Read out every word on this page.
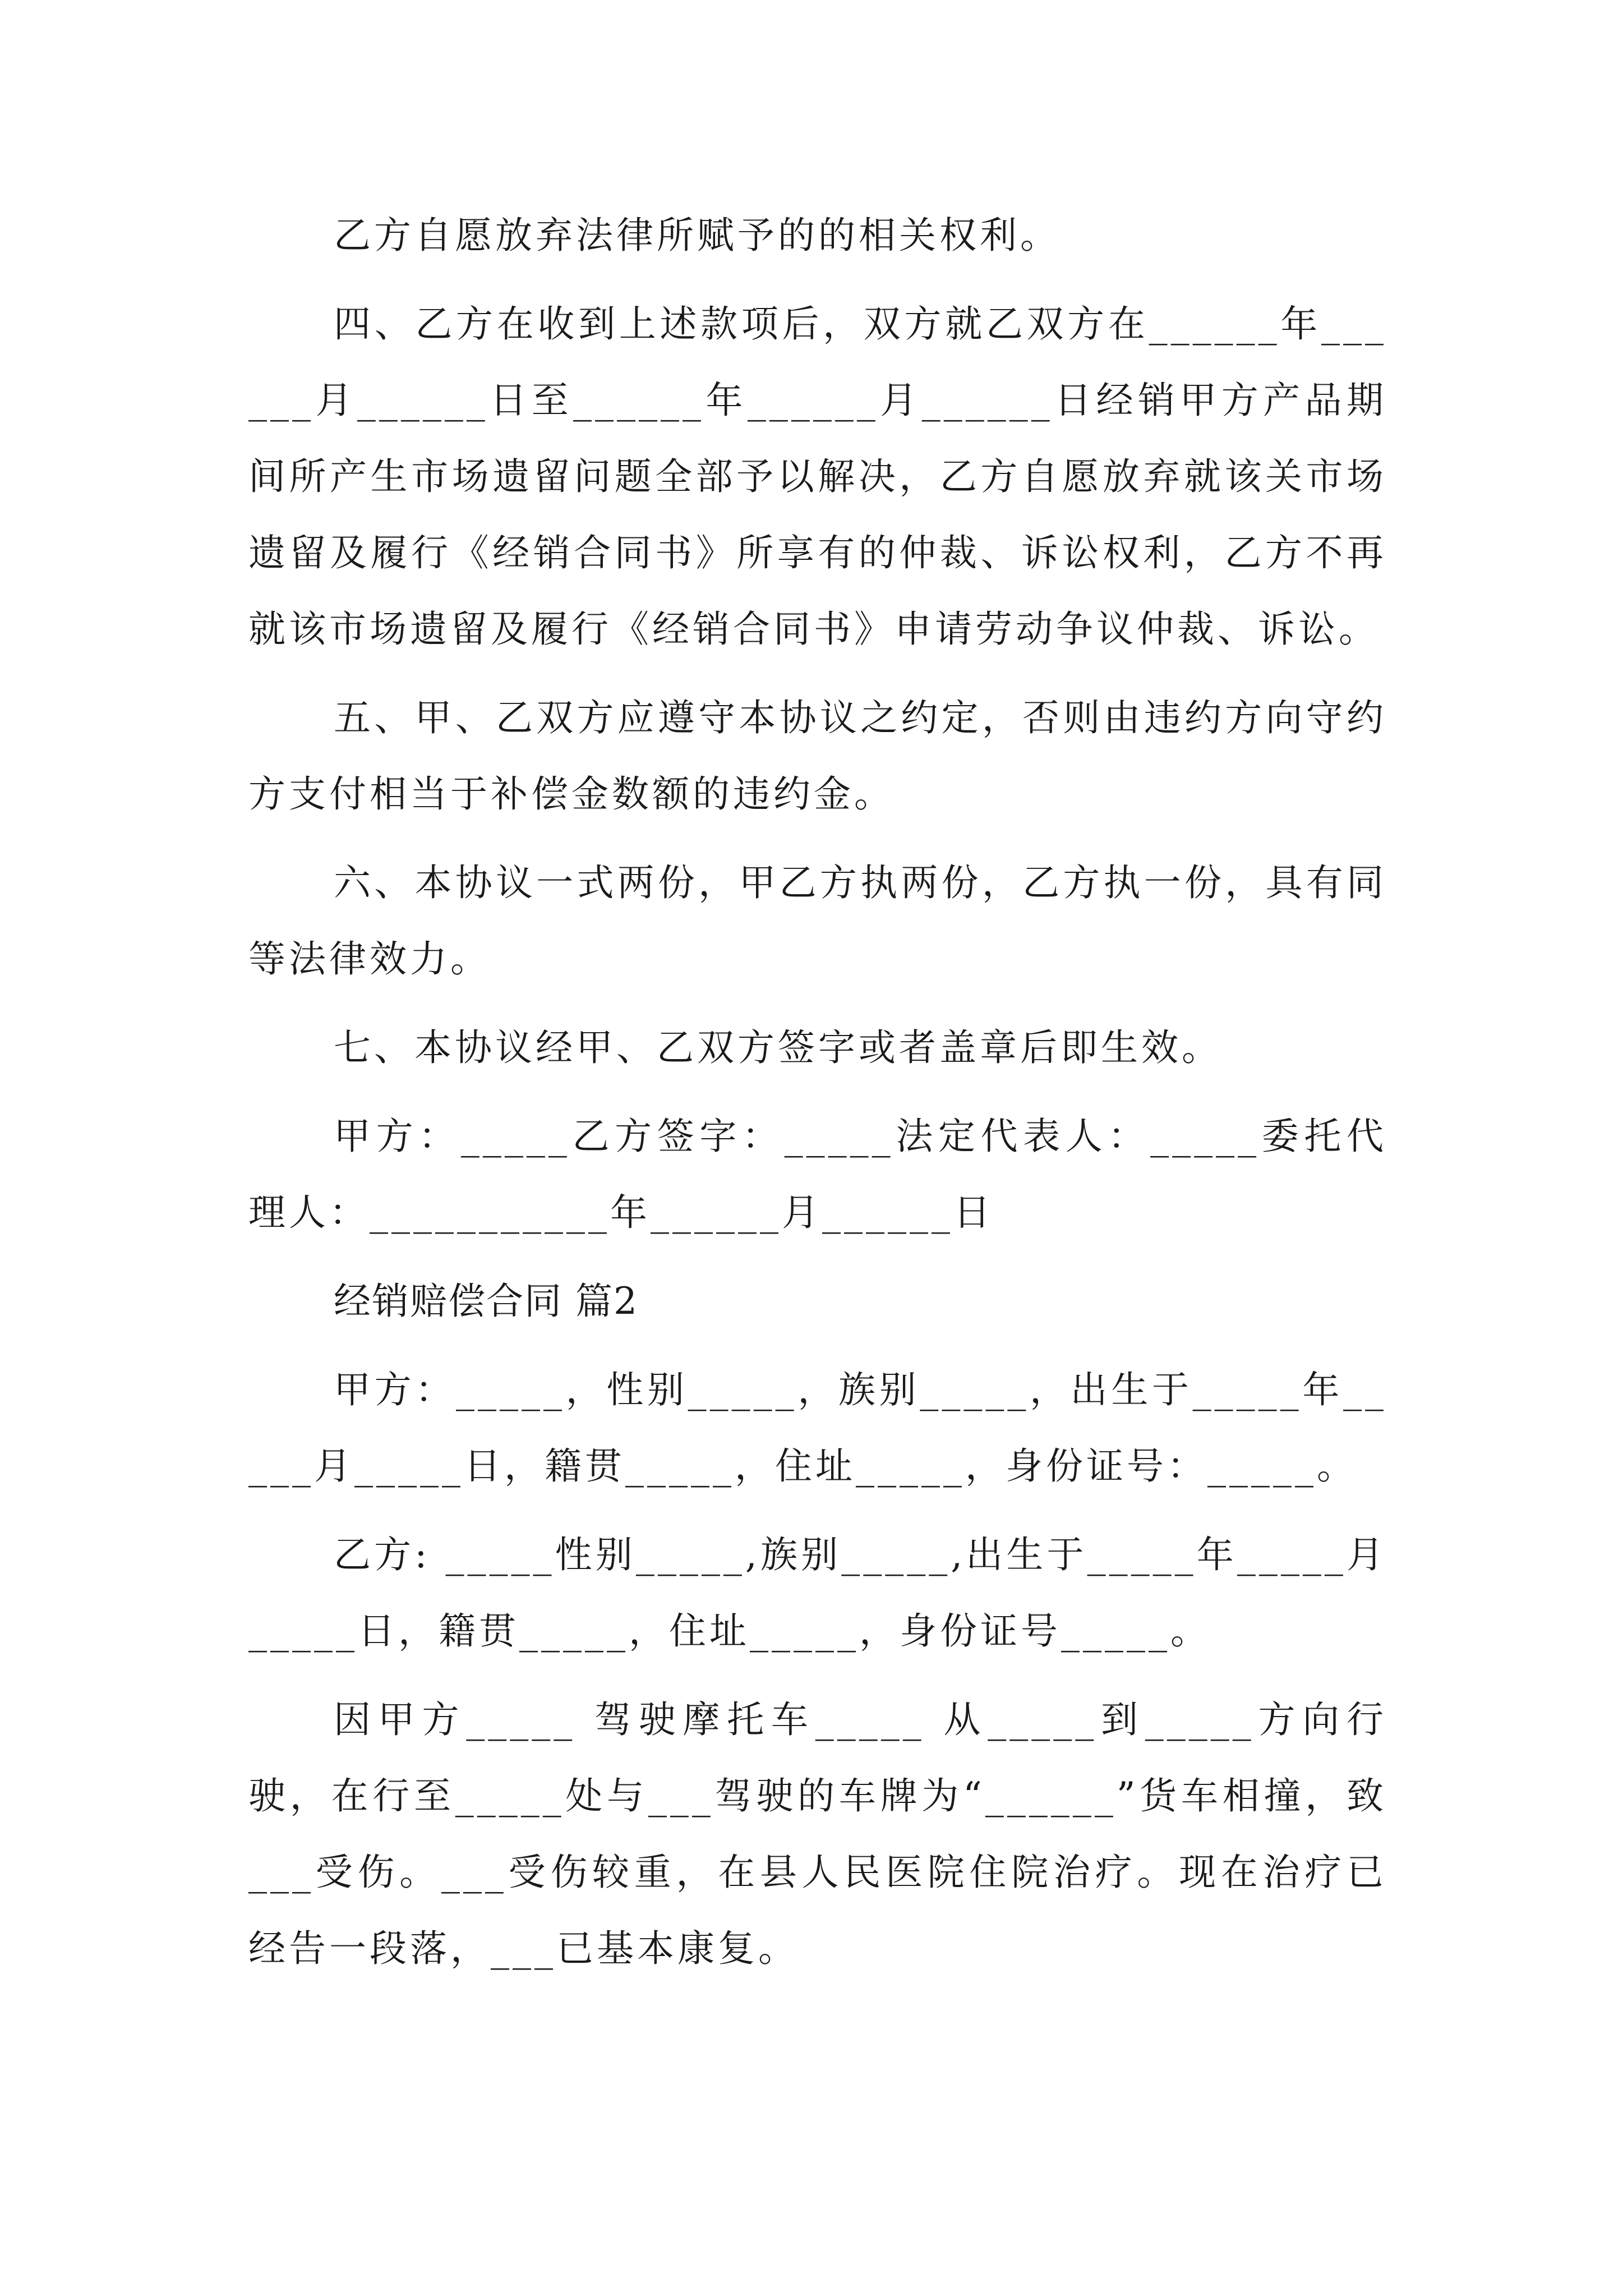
乙方自愿放弃法律所赋予的的相关权利。

四、乙方在收到上述款项后，双方就乙双方在______年______月______日至______年______月______日经销甲方产品期间所产生市场遗留问题全部予以解决，乙方自愿放弃就该关市场遗留及履行《经销合同书》所享有的仲裁、诉讼权利，乙方不再就该市场遗留及履行《经销合同书》申请劳动争议仲裁、诉讼。

五、甲、乙双方应遵守本协议之约定，否则由违约方向守约方支付相当于补偿金数额的违约金。

六、本协议一式两份，甲乙方执两份，乙方执一份，具有同等法律效力。

七、本协议经甲、乙双方签字或者盖章后即生效。

甲方：_____乙方签字：_____法定代表人：_____委托代理人：___________年______月______日

经销赔偿合同 篇2

甲方：_____，性别_____，族别_____，出生于_____年_____月_____日，籍贯_____，住址_____，身份证号：_____。

乙方: _____性别_____,族别_____,出生于_____年_____月_____日，籍贯_____，住址_____，身份证号_____。

因甲方_____ 驾驶摩托车_____ 从_____到_____方向行驶，在行至_____处与___驾驶的车牌为“______”货车相撞，致___受伤。___受伤较重，在县人民医院住院治疗。现在治疗已经告一段落，___已基本康复。
